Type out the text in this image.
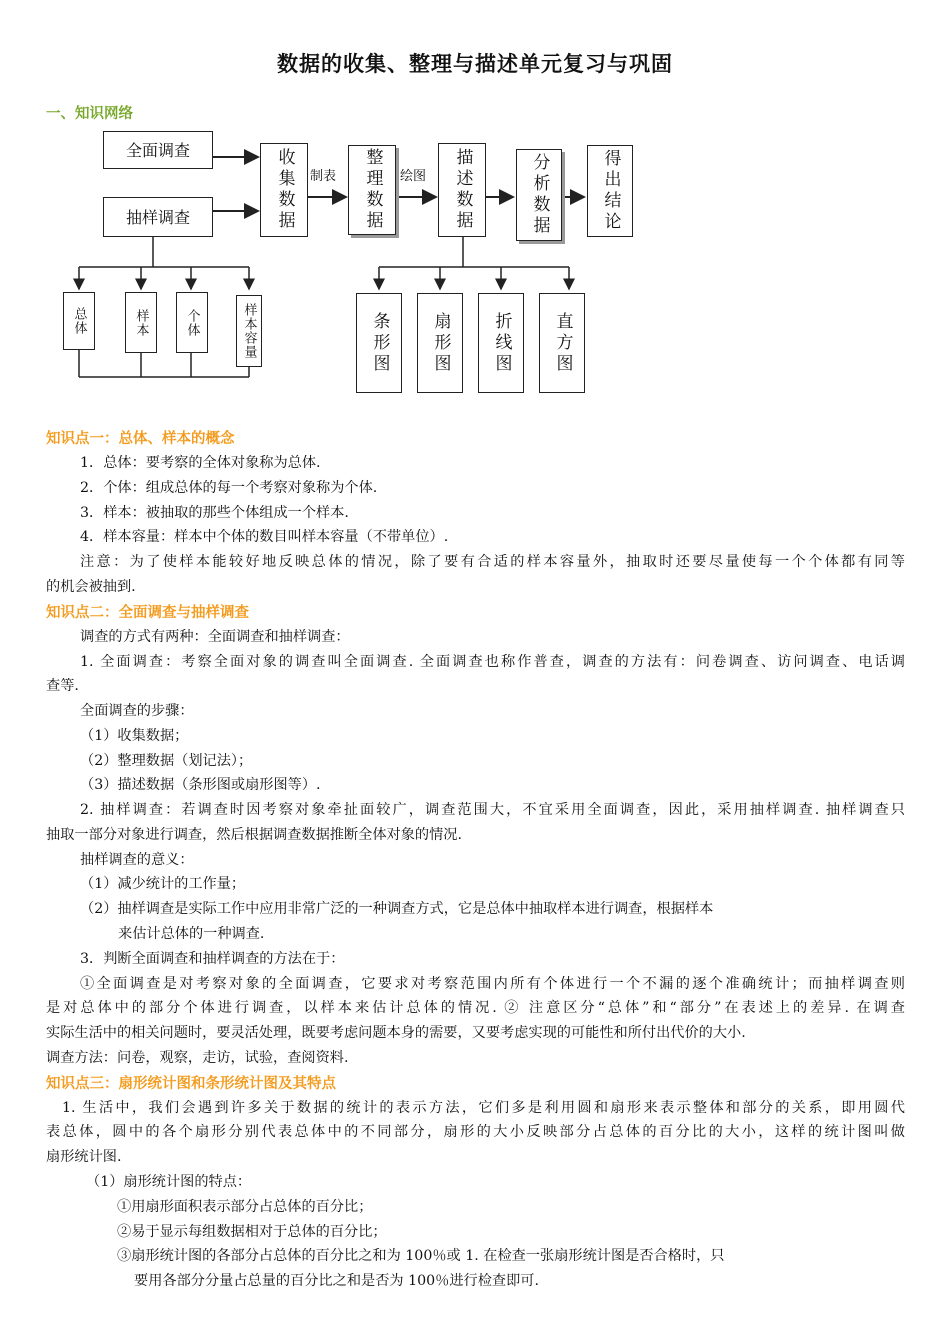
数据的收集、整理与描述单元复习与巩固
一、知识网络
全面调查
抽样调查	收集数据	制表	整理数据	绘图	描述数据	分析数据	得出结论
总体	样本	个体	样本容量	条形图	扇形图	折线图	直方图
知识点一：总体、样本的概念
1．总体：要考察的全体对象称为总体.
2．个体：组成总体的每一个考察对象称为个体.
3．样本：被抽取的那些个体组成一个样本.
4．样本容量：样本中个体的数目叫样本容量（不带单位）.
注意：为了使样本能较好地反映总体的情况，除了要有合适的样本容量外，抽取时还要尽量使每一个个体都有同等
的机会被抽到.
知识点二：全面调查与抽样调查
调查的方式有两种：全面调查和抽样调查：
1. 全面调查：考察全面对象的调查叫全面调查. 全面调查也称作普查，调查的方法有：问卷调查、访问调查、电话调
查等.
全面调查的步骤：
（1）收集数据；
（2）整理数据（划记法）；
（3）描述数据（条形图或扇形图等）.
2. 抽样调查：若调查时因考察对象牵扯面较广，调查范围大，不宜采用全面调查，因此，采用抽样调查. 抽样调查只
抽取一部分对象进行调查，然后根据调查数据推断全体对象的情况.
抽样调查的意义：
（1）减少统计的工作量；
（2）抽样调查是实际工作中应用非常广泛的一种调查方式，它是总体中抽取样本进行调查，根据样本
来估计总体的一种调查.
3．判断全面调查和抽样调查的方法在于：
①全面调查是对考察对象的全面调查，它要求对考察范围内所有个体进行一个不漏的逐个准确统计；而抽样调查则
是对总体中的部分个体进行调查，以样本来估计总体的情况. ② 注意区分“总体”和“部分”在表述上的差异. 在调查
实际生活中的相关问题时，要灵活处理，既要考虑问题本身的需要，又要考虑实现的可能性和所付出代价的大小.
调查方法：问卷，观察，走访，试验，查阅资料.
知识点三：扇形统计图和条形统计图及其特点
1. 生活中，我们会遇到许多关于数据的统计的表示方法，它们多是利用圆和扇形来表示整体和部分的关系，即用圆代
表总体，圆中的各个扇形分别代表总体中的不同部分，扇形的大小反映部分占总体的百分比的大小，这样的统计图叫做
扇形统计图.
（1）扇形统计图的特点：
①用扇形面积表示部分占总体的百分比；
②易于显示每组数据相对于总体的百分比；
③扇形统计图的各部分占总体的百分比之和为 100％或 1. 在检查一张扇形统计图是否合格时，只
要用各部分分量占总量的百分比之和是否为 100％进行检查即可.
